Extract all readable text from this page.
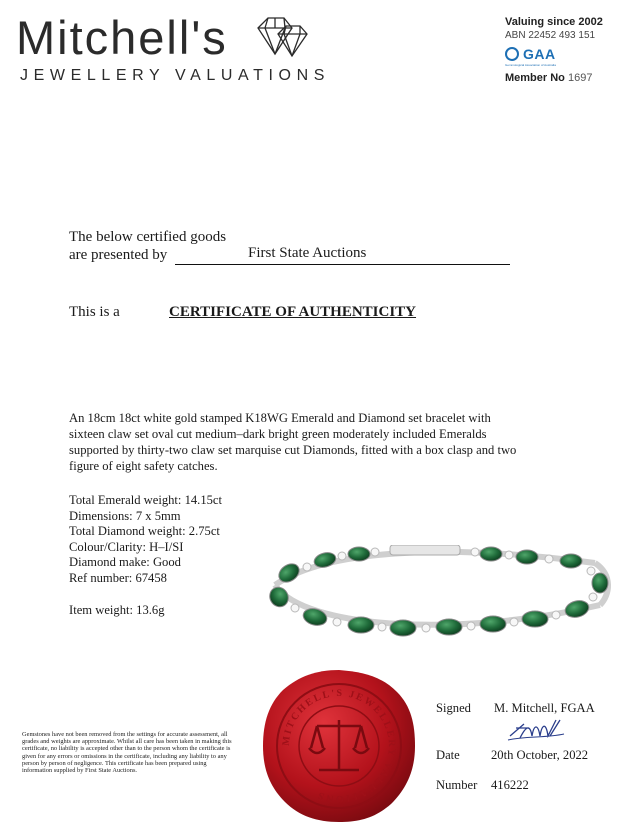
Mitchell's
JEWELLERY VALUATIONS
Valuing since 2002
ABN 22452 493 151
GAA
Gemmological Association of Australia
Member No 1697
The below certified goods
are presented by	First State Auctions

This is a	CERTIFICATE OF AUTHENTICITY
An 18cm 18ct white gold stamped K18WG Emerald and Diamond set bracelet with sixteen claw set oval cut medium–dark bright green moderately included Emeralds supported by thirty-two claw set marquise cut Diamonds, fitted with a box clasp and two figure of eight safety catches.
Total Emerald weight: 14.15ct
Dimensions: 7 x 5mm
Total Diamond weight: 2.75ct
Colour/Clarity: H–I/SI
Diamond make: Good
Ref number: 67458
Item weight: 13.6g
MITCHELL'S JEWELLERY VALUATIONS
Gemstones have not been removed from the settings for accurate assessment, all grades and weights are approximate. Whilst all care has been taken in making this certificate, no liability is accepted other than to the person whom the certificate is given for any errors or omissions in the certificate, including any liability to any person by person of negligence. This certificate has been prepared using information supplied by First State Auctions.
Signed M. Mitchell, FGAA
Date 20th October, 2022
Number 416222
